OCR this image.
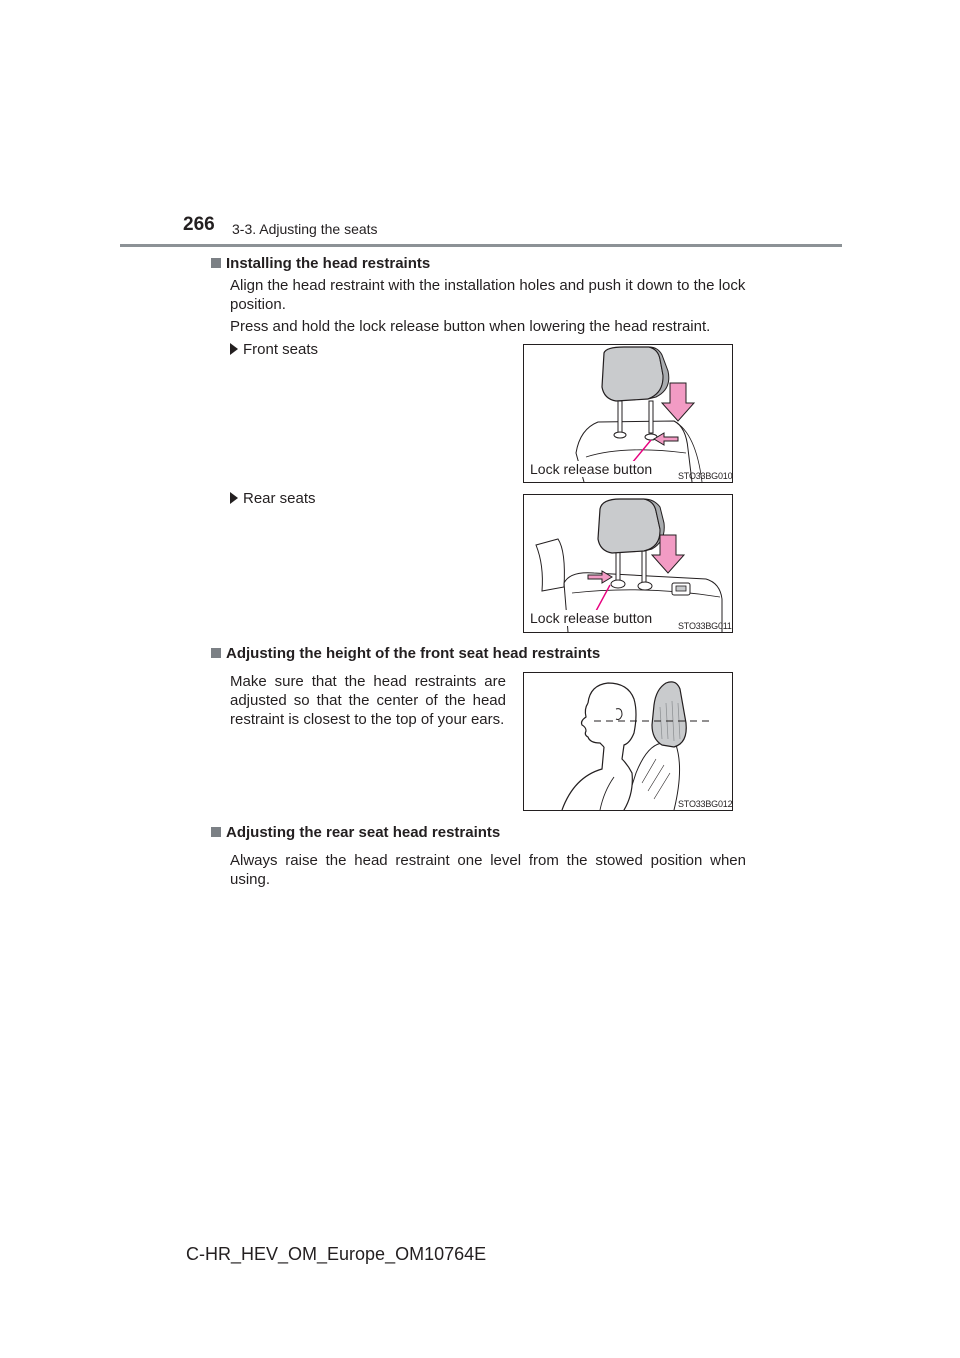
266 3-3. Adjusting the seats
Installing the head restraints
Align the head restraint with the installation holes and push it down to the lock position.
Press and hold the lock release button when lowering the head restraint.
Front seats
Lock release button	STO33BG010
Rear seats
Lock release button	STO33BG011
Adjusting the height of the front seat head restraints
Make sure that the head restraints are adjusted so that the center of the head restraint is closest to the top of your ears.
STO33BG012
Adjusting the rear seat head restraints
Always raise the head restraint one level from the stowed position when using.
C-HR_HEV_OM_Europe_OM10764E
